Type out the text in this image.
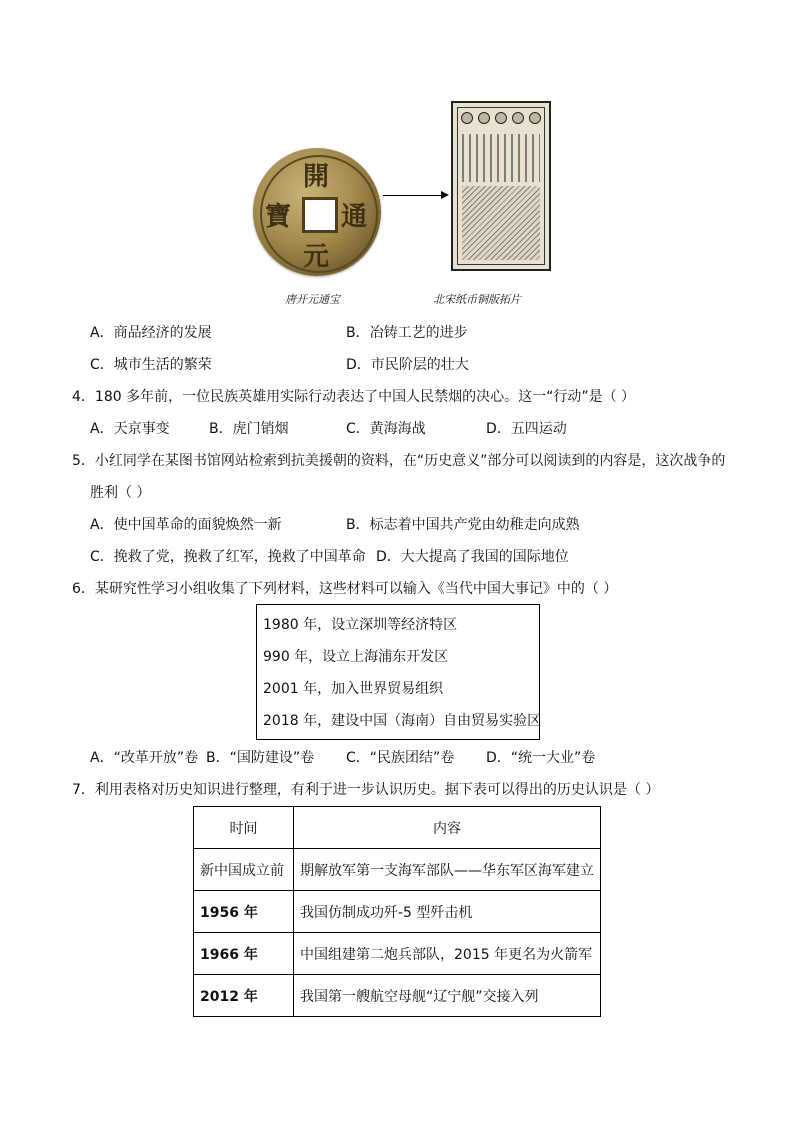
開
元
寶 通
唐开元通宝	北宋纸币铜版拓片
A．商品经济的发展	B．冶铸工艺的进步
C．城市生活的繁荣	D．市民阶层的壮大
4．180 多年前，一位民族英雄用实际行动表达了中国人民禁烟的决心。这一“行动”是（ ）
A．天京事变	B．虎门销烟	C．黄海海战	D．五四运动
5．小红同学在某图书馆网站检索到抗美援朝的资料，在“历史意义”部分可以阅读到的内容是，这次战争的
胜利（ ）
A．使中国革命的面貌焕然一新	B．标志着中国共产党由幼稚走向成熟
C．挽救了党，挽救了红军，挽救了中国革命 D．大大提高了我国的国际地位
6．某研究性学习小组收集了下列材料，这些材料可以输入《当代中国大事记》中的（ ）
1980 年，设立深圳等经济特区
990 年，设立上海浦东开发区
2001 年，加入世界贸易组织
2018 年，建设中国（海南）自由贸易实验区
A．“改革开放”卷 B．“国防建设”卷 C．“民族团结”卷 D．“统一大业”卷
7．利用表格对历史知识进行整理，有利于进一步认识历史。据下表可以得出的历史认识是（ ）
时间	内容
新中国成立前	期解放军第一支海军部队——华东军区海军建立
1956 年	我国仿制成功歼-5 型歼击机
1966 年	中国组建第二炮兵部队，2015 年更名为火箭军
2012 年	我国第一艘航空母舰“辽宁舰”交接入列
